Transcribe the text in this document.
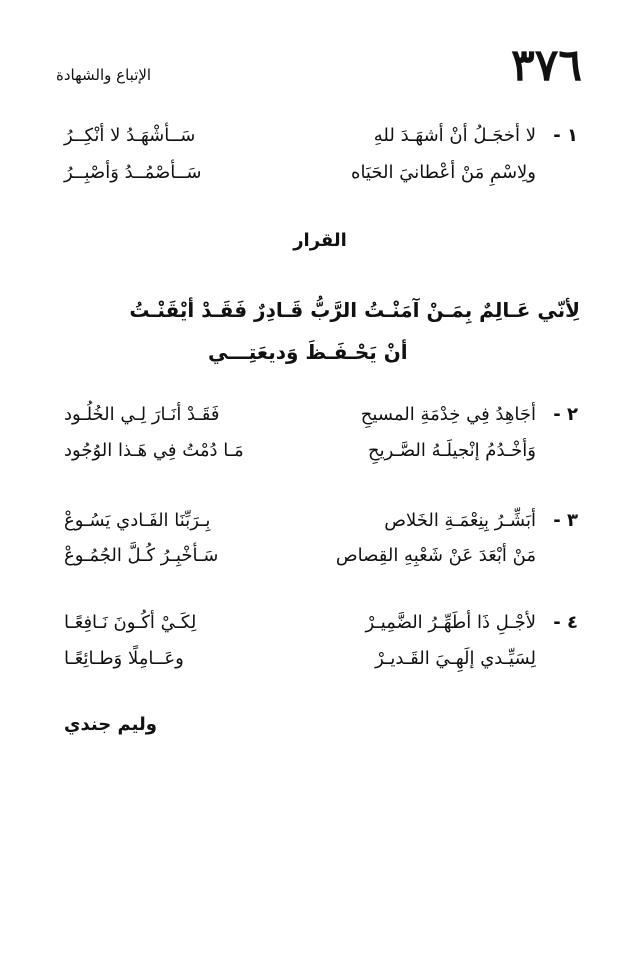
٣٧٦
الإتباع والشهادة
١ -
لا أخجَـلُ أنْ أشهَـدَ للهِ
سَــأشْهَـدُ لا أنْكِــرُ
ولِاسْمِ مَنْ أعْطانيَ الحَيَاه
سَــأصْمُــدُ وَأصْبِــرُ
القرار
لِأنّي عَـالِمٌ بِمَـنْ آمَنْـتُ الرَّبُّ قَـادِرٌ فَقَـدْ أيْقَنْـتُ
أنْ يَحْـفَـظَ وَديعَتِـــي
٢ -
أجَاهِدُ فِي خِدْمَةِ المسيحِ
فَقَـدْ أنَـارَ لِـي الخُلُـود
وَأخْـدُمُ إنْجيلَـهُ الصَّـريحِ
مَـا دُمْتُ فِي هَـذا الوُجُود
٣ -
أبَشِّـرُ بِنِعْمَـةِ الخَلاص
بِـرَبِّنَا الفَـادي يَسُـوعْ
مَنْ أبْعَدَ عَنْ شَعْبِهِ القِصاص
سَـأخْبِـرُ كُـلَّ الجُمُـوعْ
٤ -
لأجْـلِ ذَا أطَهِّـرُ الضَّمِيـرْ
لِكَـيْ أكُـونَ نَـافِعًـا
لِسَيِّـدي إلَهِـيَ القَـديـرْ
وعَــامِلًا وَطـائِعًـا
وليم جندي
